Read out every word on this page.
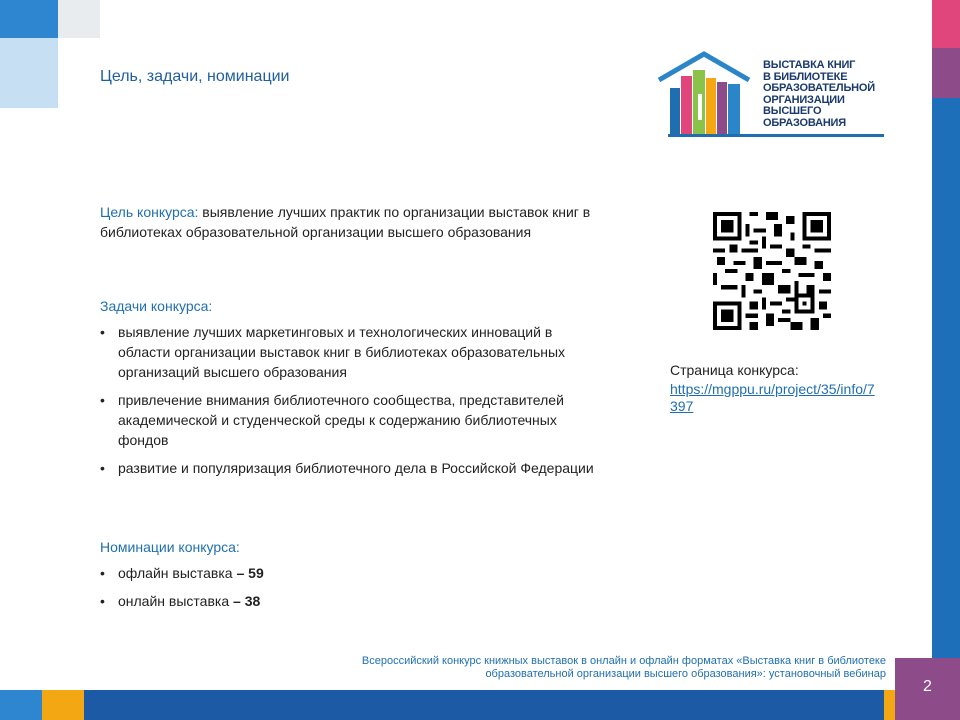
Цель, задачи, номинации
ВЫСТАВКА КНИГ
В БИБЛИОТЕКЕ
ОБРАЗОВАТЕЛЬНОЙ
ОРГАНИЗАЦИИ
ВЫСШЕГО
ОБРАЗОВАНИЯ
Цель конкурса: выявление лучших практик по организации выставок книг в библиотеках образовательной организации высшего образования
Задачи конкурса:
• выявление лучших маркетинговых и технологических инноваций в области организации выставок книг в библиотеках образовательных организаций высшего образования
• привлечение внимания библиотечного сообщества, представителей академической и студенческой среды к содержанию библиотечных фондов
• развитие и популяризация библиотечного дела в Российской Федерации
Номинации конкурса:
• офлайн выставка – 59
• онлайн выставка – 38
Страница конкурса:
https://mgppu.ru/project/35/info/7397
Всероссийский конкурс книжных выставок в онлайн и офлайн форматах «Выставка книг в библиотеке
образовательной организации высшего образования»: установочный вебинар
2
